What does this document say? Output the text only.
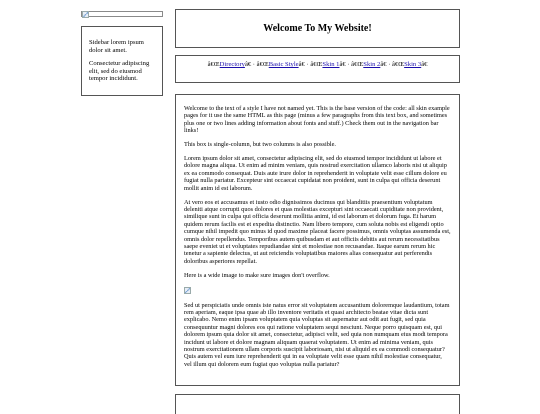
Sidebar lorem ipsum dolor sit amet.

Consectetur adipiscing elit, sed do eiusmod tempor incididunt.

Welcome To My Website!
â€ŒDirectoryâ€ · â€ŒBasic Styleâ€ · â€ŒSkin 1â€ · â€ŒSkin 2â€ · â€ŒSkin 3â€

Welcome to the text of a style I have not named yet. This is the base version of the code: all skin example pages for it use the same HTML as this page (minus a few paragraphs from this text box, and sometimes plus one or two lines adding information about fonts and stuff.) Check them out in the navigation bar links!

This box is single-column, but two columns is also possible.

Lorem ipsum dolor sit amet, consectetur adipiscing elit, sed do eiusmod tempor incididunt ut labore et dolore magna aliqua. Ut enim ad minim veniam, quis nostrud exercitation ullamco laboris nisi ut aliquip ex ea commodo consequat. Duis aute irure dolor in reprehenderit in voluptate velit esse cillum dolore eu fugiat nulla pariatur. Excepteur sint occaecat cupidatat non proident, sunt in culpa qui officia deserunt mollit anim id est laborum.

At vero eos et accusamus et iusto odio dignissimos ducimus qui blanditiis praesentium voluptatum deleniti atque corrupti quos dolores et quas molestias excepturi sint occaecati cupiditate non provident, similique sunt in culpa qui officia deserunt mollitia animi, id est laborum et dolorum fuga. Et harum quidem rerum facilis est et expedita distinctio. Nam libero tempore, cum soluta nobis est eligendi optio cumque nihil impedit quo minus id quod maxime placeat facere possimus, omnis voluptas assumenda est, omnis dolor repellendus. Temporibus autem quibusdam et aut officiis debitis aut rerum necessitatibus saepe eveniet ut et voluptates repudiandae sint et molestiae non recusandae. Itaque earum rerum hic tenetur a sapiente delectus, ut aut reiciendis voluptatibus maiores alias consequatur aut perferendis doloribus asperiores repellat.

Here is a wide image to make sure images don't overflow.

Sed ut perspiciatis unde omnis iste natus error sit voluptatem accusantium doloremque laudantium, totam rem aperiam, eaque ipsa quae ab illo inventore veritatis et quasi architecto beatae vitae dicta sunt explicabo. Nemo enim ipsam voluptatem quia voluptas sit aspernatur aut odit aut fugit, sed quia consequuntur magni dolores eos qui ratione voluptatem sequi nesciunt. Neque porro quisquam est, qui dolorem ipsum quia dolor sit amet, consectetur, adipisci velit, sed quia non numquam eius modi tempora incidunt ut labore et dolore magnam aliquam quaerat voluptatem. Ut enim ad minima veniam, quis nostrum exercitationem ullam corporis suscipit laboriosam, nisi ut aliquid ex ea commodi consequatur? Quis autem vel eum iure reprehenderit qui in ea voluptate velit esse quam nihil molestiae consequatur, vel illum qui dolorem eum fugiat quo voluptas nulla pariatur?
